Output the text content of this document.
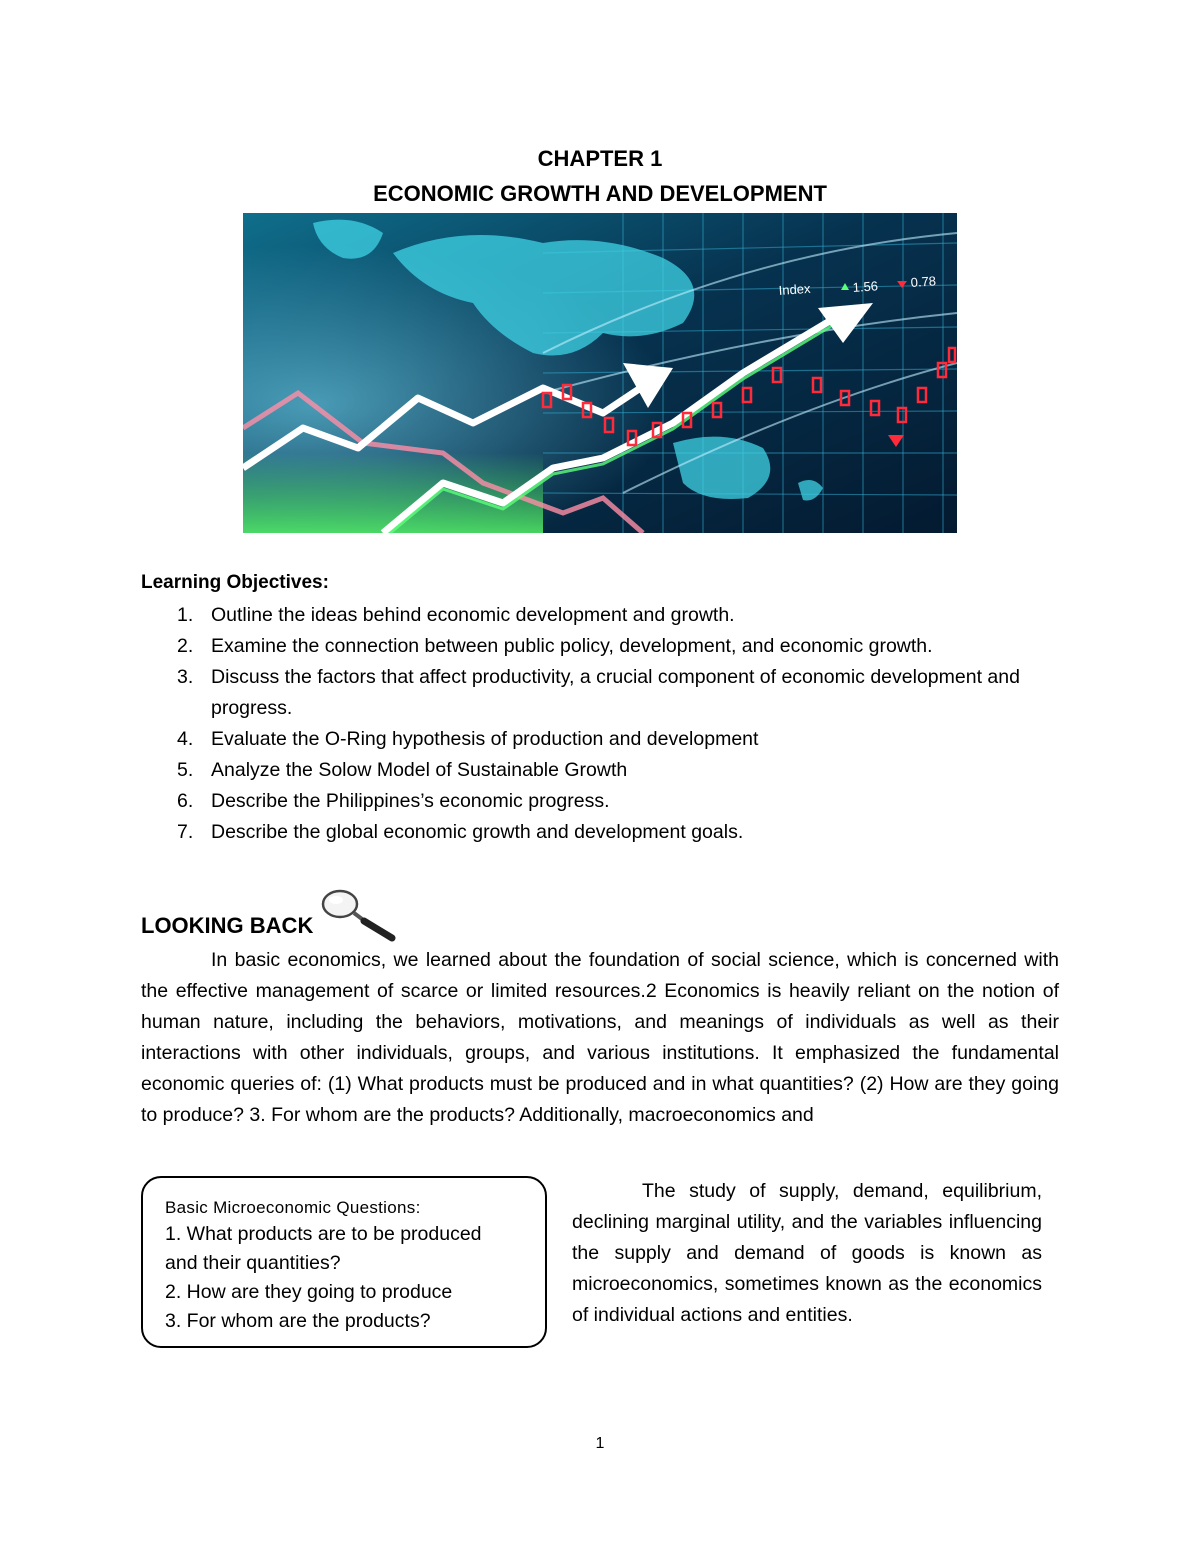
CHAPTER 1
ECONOMIC GROWTH AND DEVELOPMENT
Index	1.56 0.78
Learning Objectives:
1. Outline the ideas behind economic development and growth.
2. Examine the connection between public policy, development, and economic growth.
3. Discuss the factors that affect productivity, a crucial component of economic development and progress.
4. Evaluate the O-Ring hypothesis of production and development
5. Analyze the Solow Model of Sustainable Growth
6. Describe the Philippines’s economic progress.
7. Describe the global economic growth and development goals.
LOOKING BACK
In basic economics, we learned about the foundation of social science, which is concerned with the effective management of scarce or limited resources.2 Economics is heavily reliant on the notion of human nature, including the behaviors, motivations, and meanings of individuals as well as their interactions with other individuals, groups, and various institutions. It emphasized the fundamental economic queries of: (1) What products must be produced and in what quantities? (2) How are they going to produce? 3. For whom are the products? Additionally, macroeconomics and
Basic Microeconomic Questions:
1. What products are to be produced
and their quantities?
2. How are they going to produce
3. For whom are the products?
The study of supply, demand, equilibrium, declining marginal utility, and the variables influencing the supply and demand of goods is known as microeconomics, sometimes known as the economics of individual actions and entities.
1
